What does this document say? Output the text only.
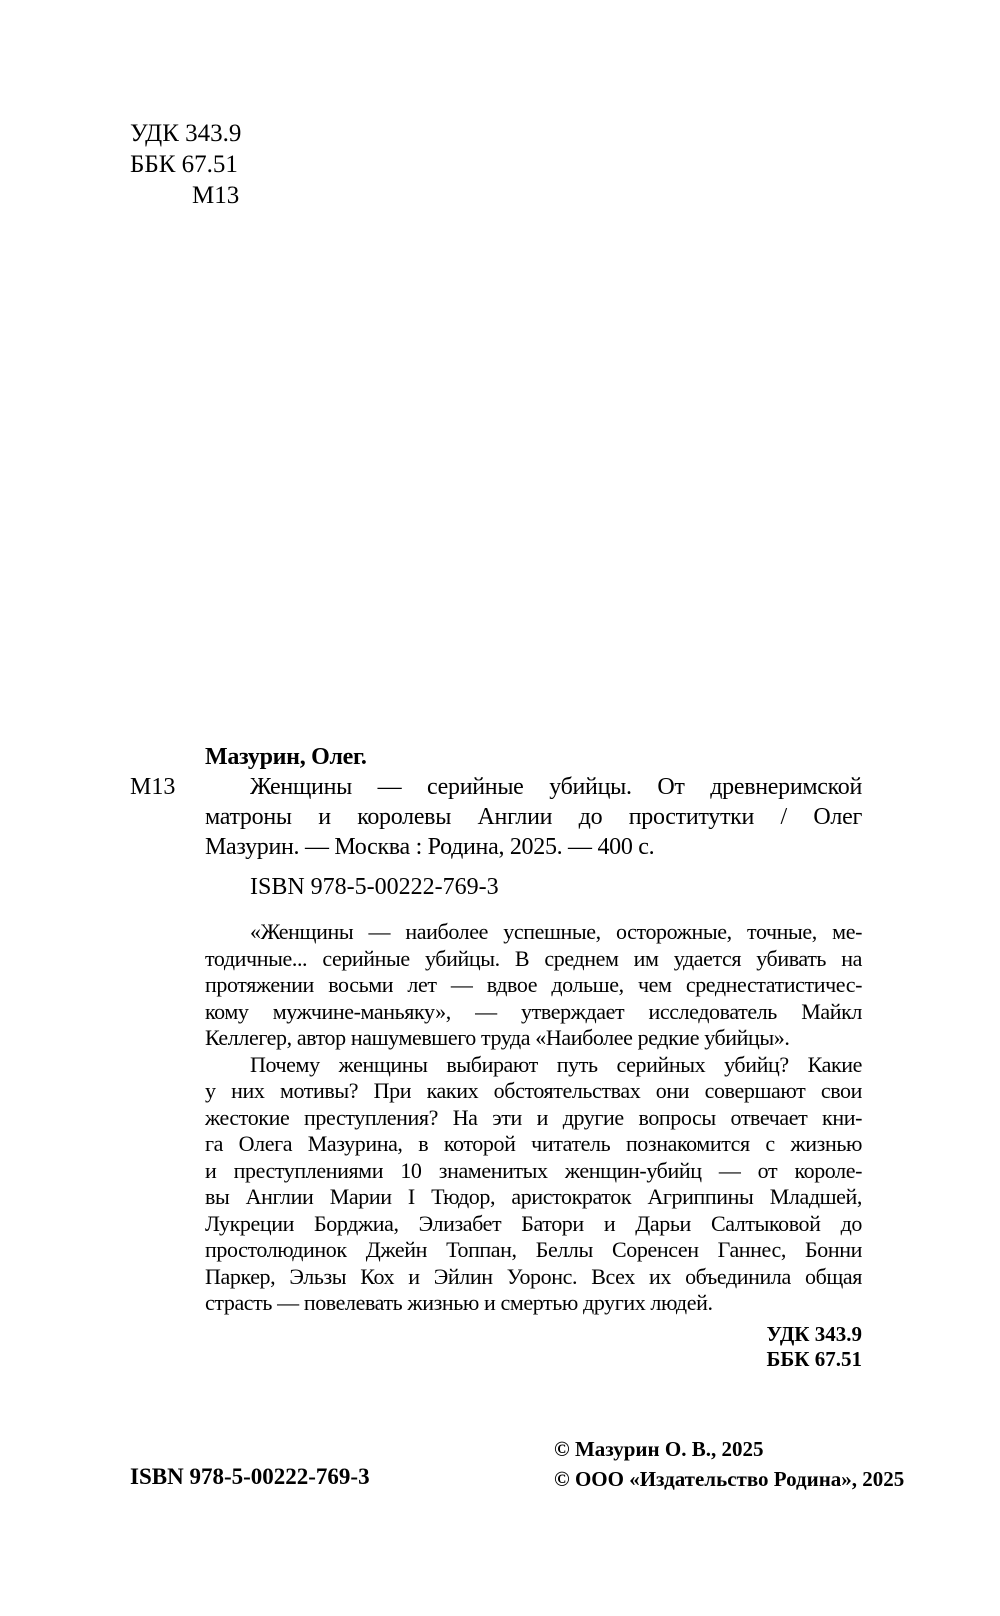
УДК 343.9
ББК 67.51
М13
М13
Мазурин, Олег.
Женщины — серийные убийцы. От древнеримской
матроны и королевы Англии до проститутки / Олег
Мазурин. — Москва : Родина, 2025. — 400 с.
ISBN 978-5-00222-769-3
«Женщины — наиболее успешные, осторожные, точные, ме-
тодичные... серийные убийцы. В среднем им удается убивать на
протяжении восьми лет — вдвое дольше, чем среднестатистичес-
кому мужчине-маньяку», — утверждает исследователь Майкл
Келлегер, автор нашумевшего труда «Наиболее редкие убийцы».
Почему женщины выбирают путь серийных убийц? Какие
у них мотивы? При каких обстоятельствах они совершают свои
жестокие преступления? На эти и другие вопросы отвечает кни-
га Олега Мазурина, в которой читатель познакомится с жизнью
и преступлениями 10 знаменитых женщин-убийц — от короле-
вы Англии Марии I Тюдор, аристократок Агриппины Младшей,
Лукреции Борджиа, Элизабет Батори и Дарьи Салтыковой до
простолюдинок Джейн Топпан, Беллы Соренсен Ганнес, Бонни
Паркер, Эльзы Кох и Эйлин Уоронс. Всех их объединила общая
страсть — повелевать жизнью и смертью других людей.
УДК 343.9
ББК 67.51
ISBN 978-5-00222-769-3
© Мазурин О. В., 2025
© ООО «Издательство Родина», 2025
